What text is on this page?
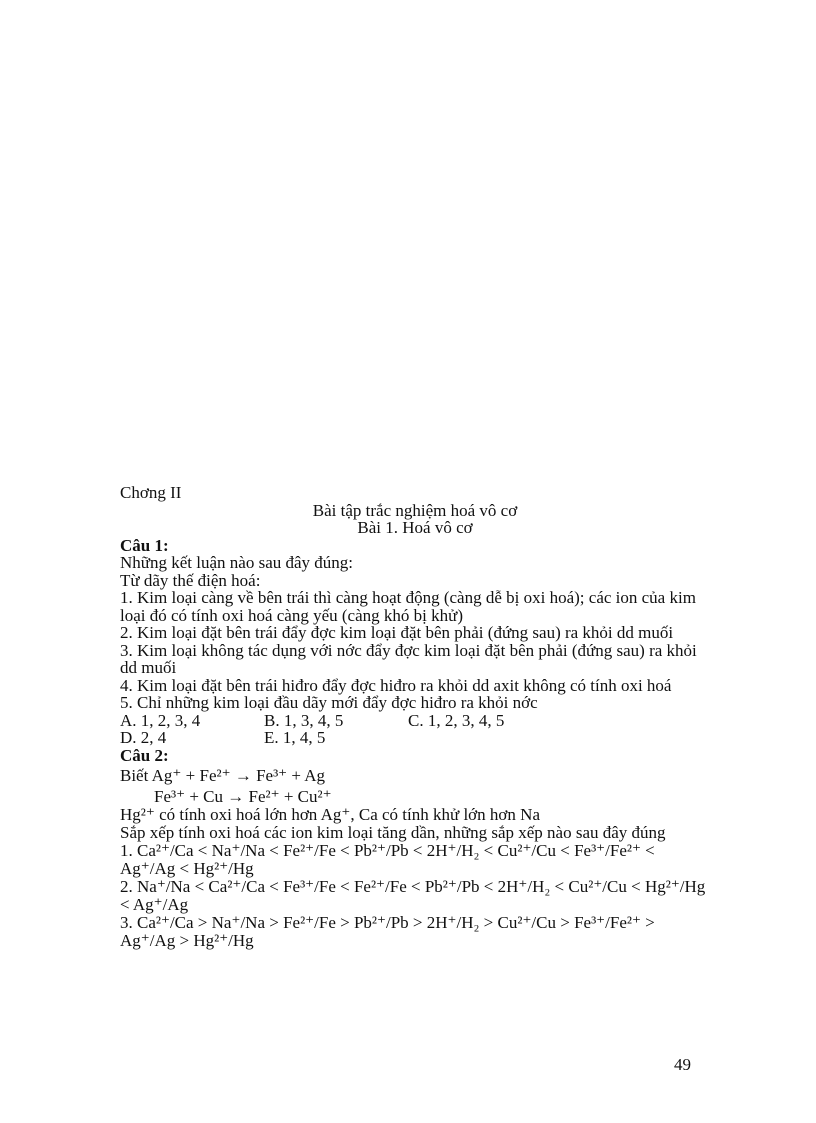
Chơng II
Bài tập trắc nghiệm hoá vô cơ
Bài 1. Hoá vô cơ
Câu 1:
Những kết luận nào sau đây đúng:
Từ dãy thế điện hoá:
1. Kim loại càng về bên trái thì càng hoạt động (càng dễ bị oxi hoá); các ion của kim loại đó có tính oxi hoá càng yếu (càng khó bị khử)
2. Kim loại đặt bên trái đẩy đợc kim loại đặt bên phải (đứng sau) ra khỏi dd muối
3. Kim loại không tác dụng với nớc đẩy đợc kim loại đặt bên phải (đứng sau) ra khỏi dd muối
4. Kim loại đặt bên trái hiđro đẩy đợc hiđro ra khỏi dd axit không có tính oxi hoá
5. Chỉ những kim loại đầu dãy mới đẩy đợc hiđro ra khỏi nớc
A. 1, 2, 3, 4	B. 1, 3, 4, 5	C. 1, 2, 3, 4, 5
D. 2, 4	E. 1, 4, 5
Câu 2:
Biết Ag⁺ + Fe²⁺ → Fe³⁺ + Ag
Fe³⁺ + Cu → Fe²⁺ + Cu²⁺
Hg²⁺ có tính oxi hoá lớn hơn Ag⁺, Ca có tính khử lớn hơn Na
Sắp xếp tính oxi hoá các ion kim loại tăng dần, những sắp xếp nào sau đây đúng
1. Ca²⁺/Ca < Na⁺/Na < Fe²⁺/Fe < Pb²⁺/Pb < 2H⁺/H₂ < Cu²⁺/Cu < Fe³⁺/Fe²⁺ < Ag⁺/Ag < Hg²⁺/Hg
2. Na⁺/Na < Ca²⁺/Ca < Fe³⁺/Fe < Fe²⁺/Fe < Pb²⁺/Pb < 2H⁺/H₂ < Cu²⁺/Cu < Hg²⁺/Hg < Ag⁺/Ag
3. Ca²⁺/Ca > Na⁺/Na > Fe²⁺/Fe > Pb²⁺/Pb > 2H⁺/H₂ > Cu²⁺/Cu > Fe³⁺/Fe²⁺ > Ag⁺/Ag > Hg²⁺/Hg
49
